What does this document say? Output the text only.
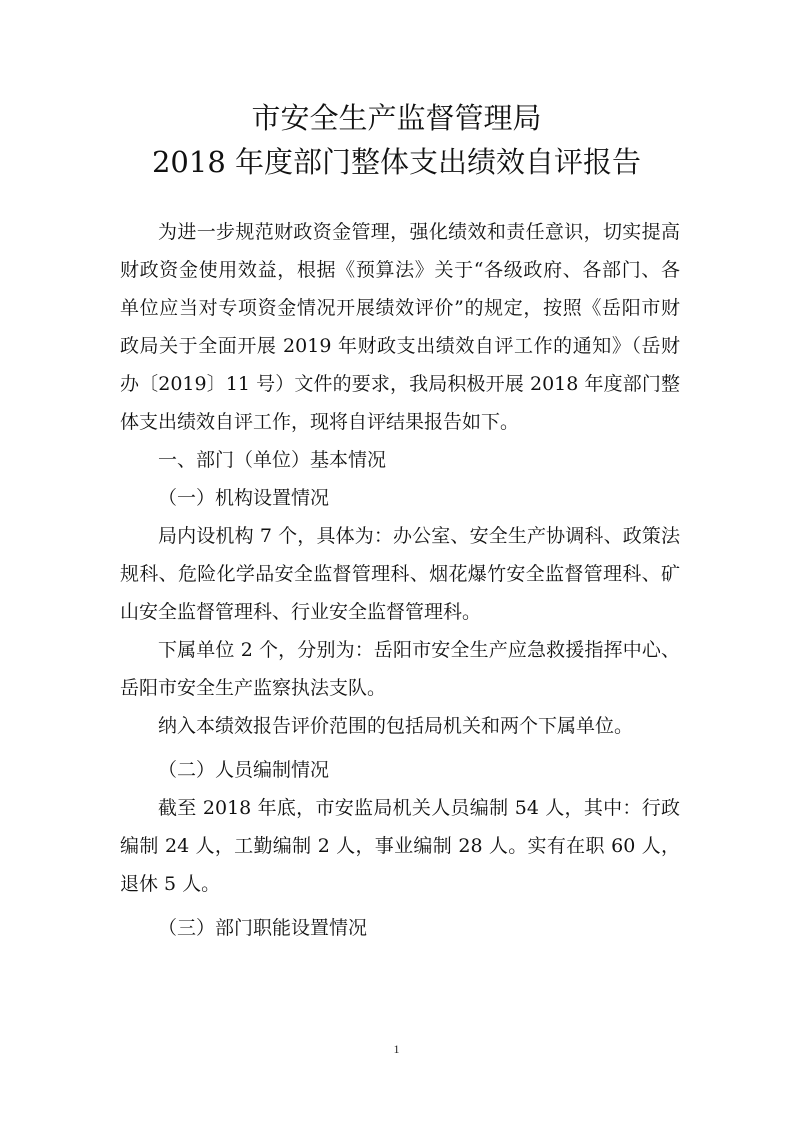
市安全生产监督管理局
2018 年度部门整体支出绩效自评报告

为进一步规范财政资金管理，强化绩效和责任意识，切实提高财政资金使用效益，根据《预算法》关于“各级政府、各部门、各单位应当对专项资金情况开展绩效评价”的规定，按照《岳阳市财政局关于全面开展 2019 年财政支出绩效自评工作的通知》（岳财办〔2019〕11 号）文件的要求，我局积极开展 2018 年度部门整体支出绩效自评工作，现将自评结果报告如下。

一、部门（单位）基本情况

（一）机构设置情况

局内设机构 7 个，具体为：办公室、安全生产协调科、政策法规科、危险化学品安全监督管理科、烟花爆竹安全监督管理科、矿山安全监督管理科、行业安全监督管理科。

下属单位 2 个，分别为：岳阳市安全生产应急救援指挥中心、岳阳市安全生产监察执法支队。

纳入本绩效报告评价范围的包括局机关和两个下属单位。

（二）人员编制情况

截至 2018 年底，市安监局机关人员编制 54 人，其中：行政编制 24 人，工勤编制 2 人，事业编制 28 人。实有在职 60 人，退休 5 人。

（三）部门职能设置情况

1
